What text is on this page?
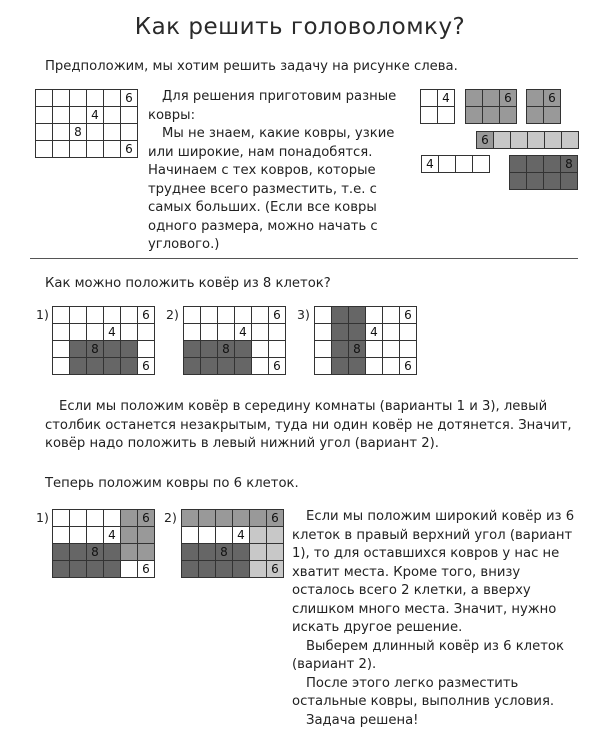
Как решить головоломку?
Предположим, мы хотим решить задачу на рисунке слева.
					6
			4		
		8			
					6

Для решения приготовим разные ковры:

Мы не знаем, какие ковры, узкие или широкие, нам понадобятся. Начинаем с тех ковров, которые труднее всего разместить, т.е. с самых больших. (Если все ковры одного размера, можно начать с углового.)

	4

			6

		6

6					
4			
				8

Как можно положить ковёр из 8 клеток?
1)
						6
			4		
		8			
					6
2)
						6
			4		
		8			
					6
3)
						6
			4		
		8			
					6

Если мы положим ковёр в середину комнаты (варианты 1 и 3), левый столбик останется незакрытым, туда ни один ковёр не дотянется. Значит, ковёр надо положить в левый нижний угол (вариант 2).

Теперь положим ковры по 6 клеток.
1)
						6
			4		
		8			
					6
2)
						6
			4		
		8			
					6

Если мы положим широкий ковёр из 6 клеток в правый верхний угол (вариант 1), то для оставшихся ковров у нас не хватит места. Кроме того, внизу осталось всего 2 клетки, а вверху слишком много места. Значит, нужно искать другое решение.

Выберем длинный ковёр из 6 клеток (вариант 2).

После этого легко разместить остальные ковры, выполнив условия.

Задача решена!
